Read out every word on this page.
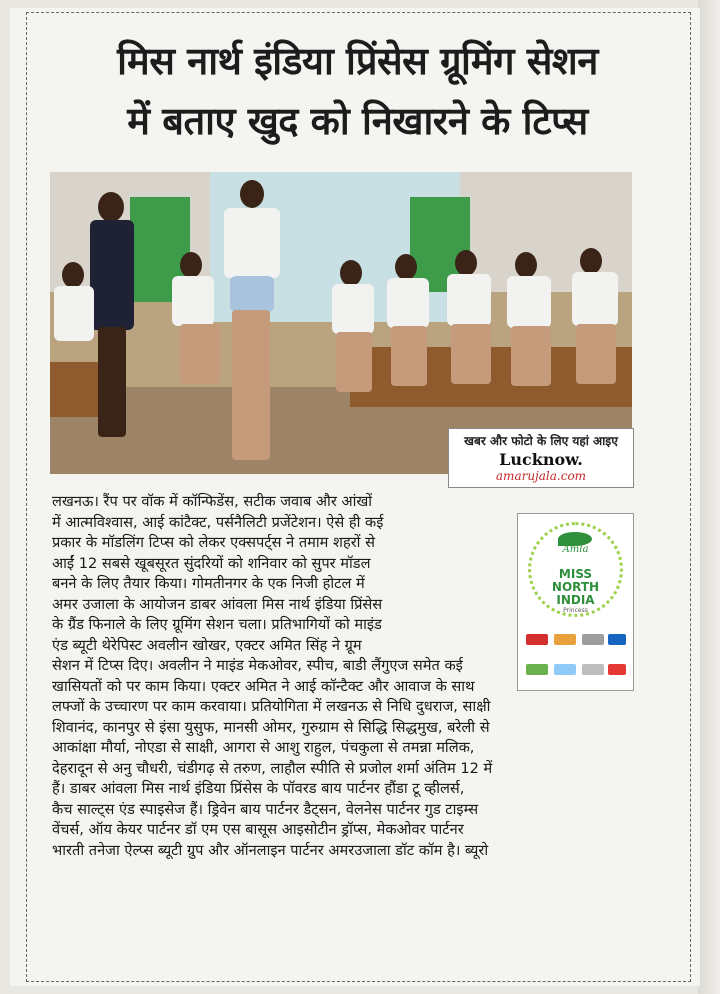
मिस नार्थ इंडिया प्रिंसेस ग्रूमिंग सेशन
में बताए खुद को निखारने के टिप्स
खबर और फोटो के लिए यहां आइए
Lucknow.
amarujala.com
लखनऊ। रैंप पर वॉक में कॉन्फिडेंस, सटीक जवाब और आंखों
में आत्मविश्वास, आई कांटैक्ट, पर्सनैलिटी प्रजेंटेशन। ऐसे ही कई
प्रकार के मॉडलिंग टिप्स को लेकर एक्सपर्ट्स ने तमाम शहरों से
आईं 12 सबसे खूबसूरत सुंदरियों को शनिवार को सुपर मॉडल
बनने के लिए तैयार किया। गोमतीनगर के एक निजी होटल में
अमर उजाला के आयोजन डाबर आंवला मिस नार्थ इंडिया प्रिंसेस
के ग्रैंड फिनाले के लिए ग्रूमिंग सेशन चला। प्रतिभागियों को माइंड
एंड ब्यूटी थेरेपिस्ट अवलीन खोखर, एक्टर अमित सिंह ने ग्रूम
सेशन में टिप्स दिए। अवलीन ने माइंड मेकओवर, स्पीच, बाडी लैंगुएज समेत कई
खासियतों को पर काम किया। एक्टर अमित ने आई कॉन्टैक्ट और आवाज के साथ
लफ्जों के उच्चारण पर काम करवाया। प्रतियोगिता में लखनऊ से निधि दुधराज, साक्षी
शिवानंद, कानपुर से इंसा युसुफ, मानसी ओमर, गुरुग्राम से सिद्धि सिद्धमुख, बरेली से
आकांक्षा मौर्या, नोएडा से साक्षी, आगरा से आशु राहुल, पंचकुला से तमन्ना मलिक,
देहरादून से अनु चौधरी, चंडीगढ़ से तरुण, लाहौल स्पीति से प्रजोल शर्मा अंतिम 12 में
हैं। डाबर आंवला मिस नार्थ इंडिया प्रिंसेस के पॉवरड बाय पार्टनर हौंडा टू व्हीलर्स,
कैच साल्ट्स एंड स्पाइसेज हैं। ड्रिवेन बाय पार्टनर डैट्सन, वेलनेस पार्टनर गुड टाइम्स
वेंचर्स, ऑय केयर पार्टनर डॉ एम एस बासूस आइसोटीन ड्रॉप्स, मेकओवर पार्टनर
भारती तनेजा ऐल्प्स ब्यूटी ग्रुप और ऑनलाइन पार्टनर अमरउजाला डॉट कॉम है। ब्यूरो
Amla
MISS
NORTH
INDIA
Princess
